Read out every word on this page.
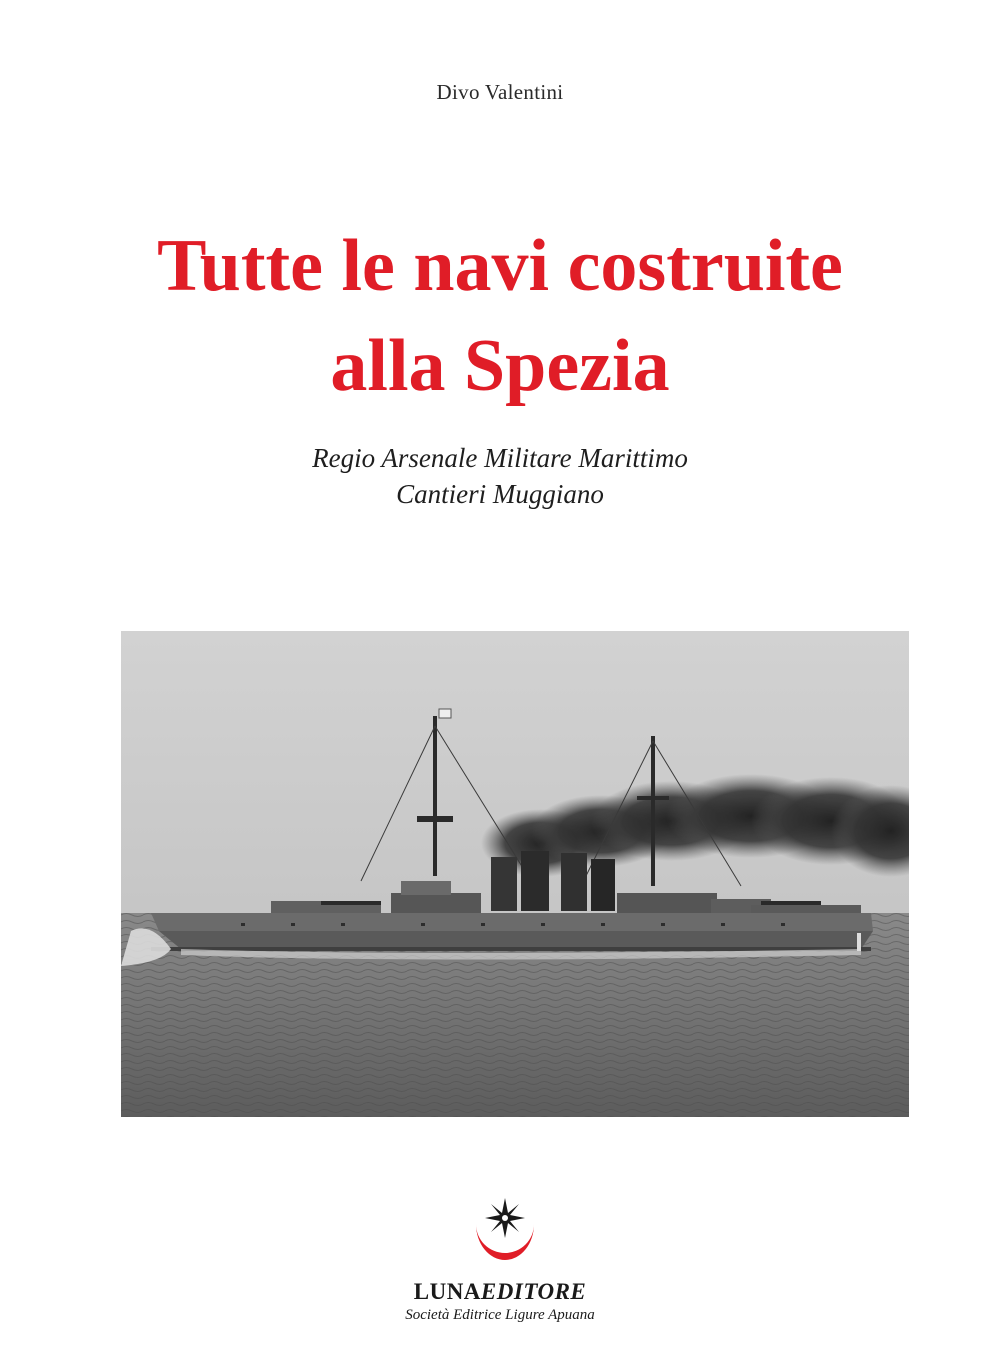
Divo Valentini
Tutte le navi costruite
alla Spezia
Regio Arsenale Militare Marittimo
Cantieri Muggiano
LUNAEDITORE
Società Editrice Ligure Apuana
